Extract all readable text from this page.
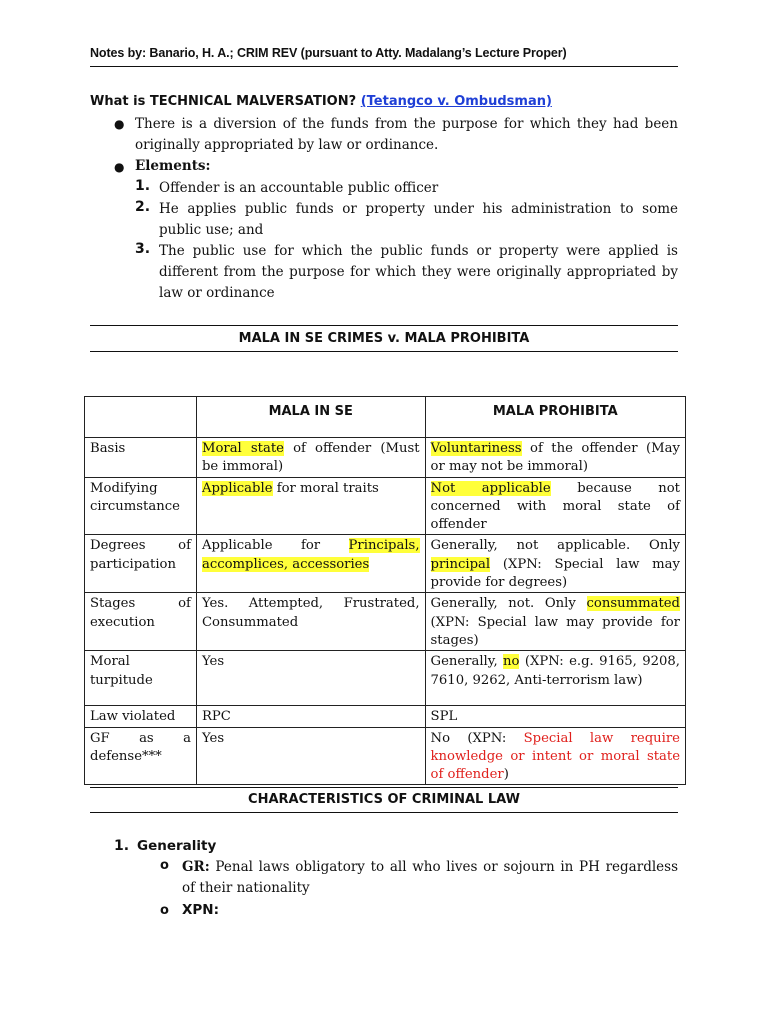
Notes by: Banario, H. A.; CRIM REV (pursuant to Atty. Madalang’s Lecture Proper)
What is TECHNICAL MALVERSATION? (Tetangco v. Ombudsman)
● There is a diversion of the funds from the purpose for which they had been originally appropriated by law or ordinance.
● Elements:
1. Offender is an accountable public officer
2. He applies public funds or property under his administration to some public use; and
3. The public use for which the public funds or property were applied is different from the purpose for which they were originally appropriated by law or ordinance
MALA IN SE CRIMES v. MALA PROHIBITA
	MALA IN SE	MALA PROHIBITA
Basis	Moral state of offender (Must be immoral)	Voluntariness of the offender (May or may not be immoral)
Modifying circumstance	Applicable for moral traits	Not applicable because not concerned with moral state of offender
Degrees of participation	Applicable for Principals, accomplices, accessories	Generally, not applicable. Only principal (XPN: Special law may provide for degrees)
Stages of execution	Yes. Attempted, Frustrated, Consummated	Generally, not. Only consummated (XPN: Special law may provide for stages)
Moral turpitude	Yes	Generally, no (XPN: e.g. 9165, 9208, 7610, 9262, Anti-terrorism law)
Law violated	RPC	SPL
GF as a defense***	Yes	No (XPN: Special law require knowledge or intent or moral state of offender)
CHARACTERISTICS OF CRIMINAL LAW
1. Generality
o GR: Penal laws obligatory to all who lives or sojourn in PH regardless of their nationality
o XPN:
